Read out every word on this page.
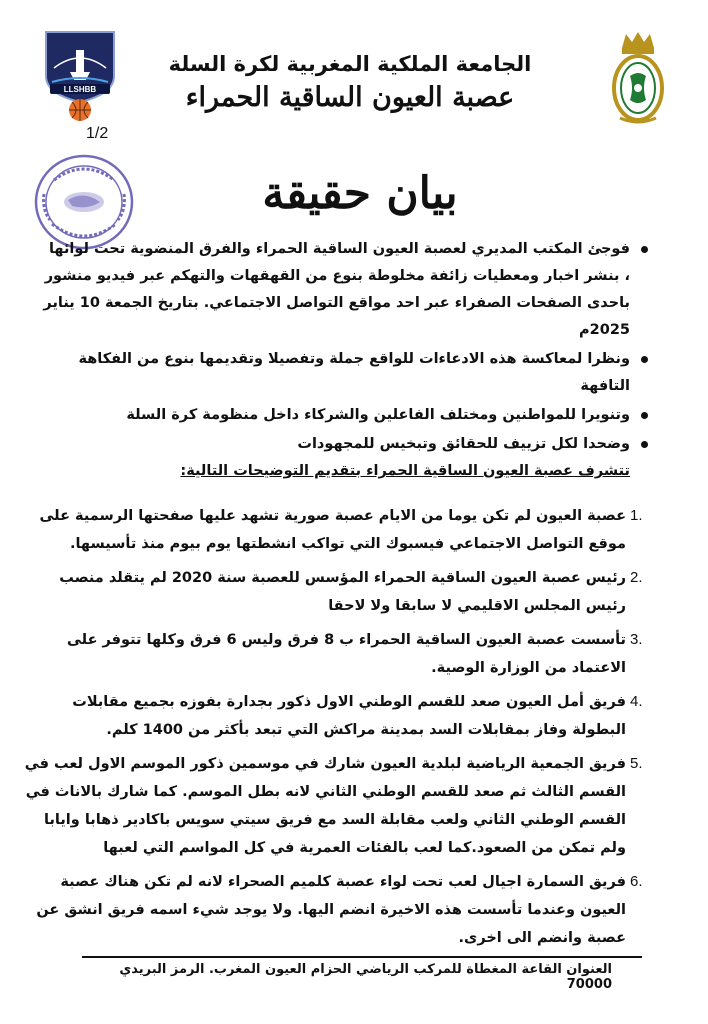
LLSHBB
الجامعة الملكية المغربية لكرة السلة
عصبة العيون الساقية الحمراء
1/2
بيان حقيقة
فوجئ المكتب المديري لعصبة العيون الساقية الحمراء والفرق المنضوية تحت لوائها ، بنشر اخبار ومعطيات زائفة مخلوطة بنوع من القهقهات والتهكم عبر فيديو منشور باحدى الصفحات الصفراء عبر احد مواقع التواصل الاجتماعي. بتاريخ الجمعة 10 يناير 2025م
ونظرا لمعاكسة هذه الادعاءات للواقع جملة وتفصيلا وتقديمها بنوع من الفكاهة التافهة
وتنويرا للمواطنين ومختلف الفاعلين والشركاء داخل منظومة كرة السلة
وضحدا لكل تزييف للحقائق وتبخيس للمجهودات
تتشرف عصبة العيون الساقية الحمراء بتقديم التوضيحات التالية:
1.
عصبة العيون لم تكن يوما من الايام عصبة صورية تشهد عليها صفحتها الرسمية على موقع التواصل الاجتماعي فيسبوك التي تواكب انشطتها يوم بيوم منذ تأسيسها.
2.
رئيس عصبة العيون الساقية الحمراء المؤسس للعصبة سنة 2020 لم يتقلد منصب رئيس المجلس الاقليمي لا سابقا ولا لاحقا
3.
تأسست عصبة العيون الساقية الحمراء ب 8 فرق وليس 6 فرق وكلها تتوفر على الاعتماد من الوزارة الوصية.
4.
فريق أمل العيون صعد للقسم الوطني الاول ذكور بجدارة بفوزه بجميع مقابلات البطولة وفاز بمقابلات السد بمدينة مراكش التي تبعد بأكثر من 1400 كلم.
5.
فريق الجمعية الرياضية لبلدية العيون شارك في موسمين ذكور الموسم الاول لعب في القسم الثالث ثم صعد للقسم الوطني الثاني لانه بطل الموسم. كما شارك بالاناث في القسم الوطني الثاني ولعب مقابلة السد مع فريق سيتي سويس باكادير ذهابا وايابا ولم تمكن من الصعود.كما لعب بالفئات العمرية في كل المواسم التي لعبها
6.
فريق السمارة اجيال لعب تحت لواء عصبة كلميم الصحراء لانه لم تكن هناك عصبة العيون وعندما تأسست هذه الاخيرة انضم اليها. ولا يوجد شيء اسمه فريق انشق عن عصبة وانضم الى اخرى.
العنوان القاعة المغطاة للمركب الرياضي الحزام العيون المغرب. الرمز البريدي 70000
